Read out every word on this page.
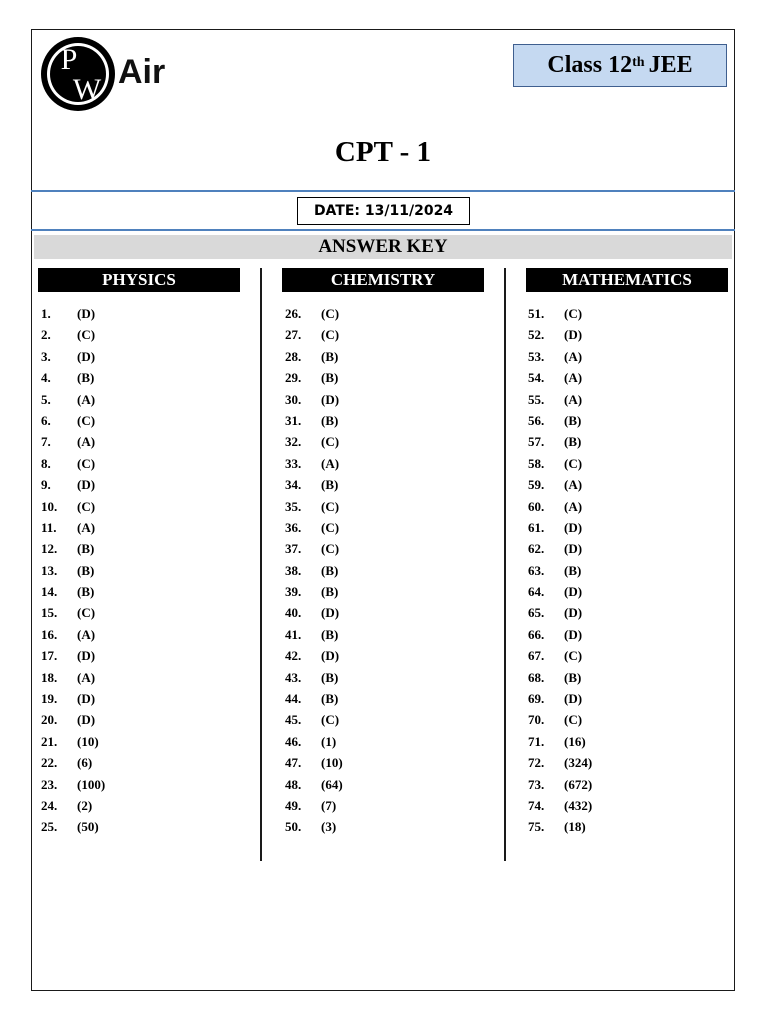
P
W Air	Class 12th JEE
CPT - 1
DATE: 13/11/2024
ANSWER KEY
PHYSICS	CHEMISTRY	MATHEMATICS
1. (D)
2. (C)
3. (D)
4. (B)
5. (A)
6. (C)
7. (A)
8. (C)
9. (D)
10. (C)
11. (A)
12. (B)
13. (B)
14. (B)
15. (C)
16. (A)
17. (D)
18. (A)
19. (D)
20. (D)
21. (10)
22. (6)
23. (100)
24. (2)
25. (50)
26. (C)
27. (C)
28. (B)
29. (B)
30. (D)
31. (B)
32. (C)
33. (A)
34. (B)
35. (C)
36. (C)
37. (C)
38. (B)
39. (B)
40. (D)
41. (B)
42. (D)
43. (B)
44. (B)
45. (C)
46. (1)
47. (10)
48. (64)
49. (7)
50. (3)
51. (C)
52. (D)
53. (A)
54. (A)
55. (A)
56. (B)
57. (B)
58. (C)
59. (A)
60. (A)
61. (D)
62. (D)
63. (B)
64. (D)
65. (D)
66. (D)
67. (C)
68. (B)
69. (D)
70. (C)
71. (16)
72. (324)
73. (672)
74. (432)
75. (18)
